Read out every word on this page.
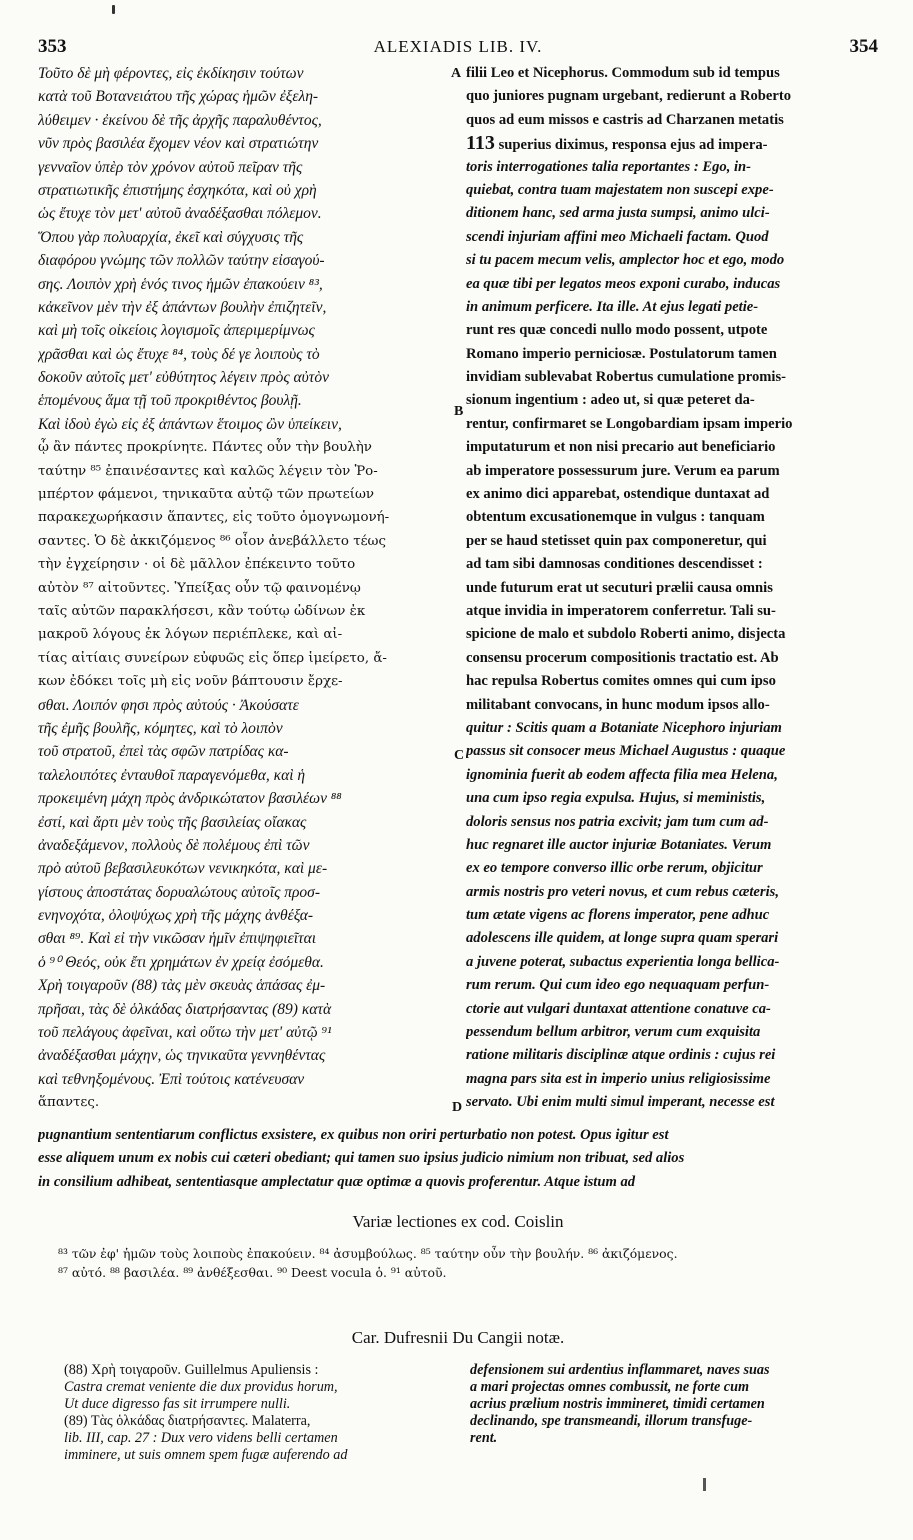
353	ALEXIADIS LIB. IV.	354
Τοῦτο δὲ μὴ φέροντες, εἰς ἐκδίκησιν τούτων
κατὰ τοῦ Βοτανειάτου τῆς χώρας ἡμῶν ἐξελη-
λύθειμεν · ἐκείνου δὲ τῆς ἀρχῆς παραλυθέντος,
νῦν πρὸς βασιλέα ἔχομεν νέον καὶ στρατιώτην
γενναῖον ὑπὲρ τὸν χρόνον αὐτοῦ πεῖραν τῆς
στρατιωτικῆς ἐπιστήμης ἐσχηκότα, καὶ οὐ χρὴ
ὡς ἔτυχε τὸν μετ' αὐτοῦ ἀναδέξασθαι πόλεμον.
Ὅπου γὰρ πολυαρχία, ἐκεῖ καὶ σύγχυσις τῆς
διαφόρου γνώμης τῶν πολλῶν ταύτην εἰσαγού-
σης. Λοιπὸν χρὴ ἑνός τινος ἡμῶν ἐπακούειν ⁸³,
κἀκεῖνον μὲν τὴν ἐξ ἁπάντων βουλὴν ἐπιζητεῖν,
καὶ μὴ τοῖς οἰκείοις λογισμοῖς ἀπεριμερίμνως
χρᾶσθαι καὶ ὡς ἔτυχε ⁸⁴, τοὺς δέ γε λοιποὺς τὸ
δοκοῦν αὐτοῖς μετ' εὐθύτητος λέγειν πρὸς αὐτὸν
ἑπομένους ἅμα τῇ τοῦ προκριθέντος βουλῇ.
Καὶ ἰδοὺ ἐγὼ εἰς ἐξ ἁπάντων ἕτοιμος ὢν ὑπείκειν,
ᾧ ἂν πάντες προκρίνητε. Πάντες οὖν τὴν βουλὴν
ταύτην ⁸⁵ ἐπαινέσαντες καὶ καλῶς λέγειν τὸν Ῥο-
μπέρτον φάμενοι, τηνικαῦτα αὐτῷ τῶν πρωτείων
παρακεχωρήκασιν ἅπαντες, εἰς τοῦτο ὁμογνωμονή-
σαντες. Ὁ δὲ ἀκκιζόμενος ⁸⁶ οἷον ἀνεβάλλετο τέως
τὴν ἐγχείρησιν · οἱ δὲ μᾶλλον ἐπέκειντο τοῦτο
αὐτὸν ⁸⁷ αἰτοῦντες. Ὑπείξας οὖν τῷ φαινομένῳ
ταῖς αὐτῶν παρακλήσεσι, κἂν τούτῳ ὠδίνων ἐκ
μακροῦ λόγους ἐκ λόγων περιέπλεκε, καὶ αἰ-
τίας αἰτίαις συνείρων εὐφυῶς εἰς ὅπερ ἱμείρετο, ἄ-
κων ἐδόκει τοῖς μὴ εἰς νοῦν βάπτουσιν ἔρχε-
σθαι. Λοιπόν φησι πρὸς αὐτούς · Ἀκούσατε
τῆς ἐμῆς βουλῆς, κόμητες, καὶ τὸ λοιπὸν
τοῦ στρατοῦ, ἐπεὶ τὰς σφῶν πατρίδας κα-
ταλελοιπότες ἐνταυθοῖ παραγενόμεθα, καὶ ἡ
προκειμένη μάχη πρὸς ἀνδρικώτατον βασιλέων ⁸⁸
ἐστί, καὶ ἄρτι μὲν τοὺς τῆς βασιλείας οἴακας
ἀναδεξάμενον, πολλοὺς δὲ πολέμους ἐπὶ τῶν
πρὸ αὐτοῦ βεβασιλευκότων νενικηκότα, καὶ με-
γίστους ἀποστάτας δορυαλώτους αὐτοῖς προσ-
ενηνοχότα, ὁλοψύχως χρὴ τῆς μάχης ἀνθέξα-
σθαι ⁸⁹. Καὶ εἰ τὴν νικῶσαν ἡμῖν ἐπιψηφιεῖται
ὁ ⁹⁰ Θεός, οὐκ ἔτι χρημάτων ἐν χρείᾳ ἐσόμεθα.
Χρὴ τοιγαροῦν (88) τὰς μὲν σκευὰς ἁπάσας ἐμ-
πρῆσαι, τὰς δὲ ὁλκάδας διατρήσαντας (89) κατὰ
τοῦ πελάγους ἀφεῖναι, καὶ οὕτω τὴν μετ' αὐτῷ ⁹¹
ἀναδέξασθαι μάχην, ὡς τηνικαῦτα γεννηθέντας
καὶ τεθνηξομένους. Ἐπὶ τούτοις κατένευσαν
ἅπαντες.
filii Leo et Nicephorus. Commodum sub id tempus
quo juniores pugnam urgebant, redierunt a Roberto
quos ad eum missos e castris ad Charzanen metatis
113 superius diximus, responsa ejus ad impera-
toris interrogationes talia reportantes : Ego, in-
quiebat, contra tuam majestatem non suscepi expe-
ditionem hanc, sed arma justa sumpsi, animo ulci-
scendi injuriam affini meo Michaeli factam. Quod
si tu pacem mecum velis, amplector hoc et ego, modo
ea quæ tibi per legatos meos exponi curabo, inducas
in animum perficere. Ita ille. At ejus legati petie-
runt res quæ concedi nullo modo possent, utpote
Romano imperio perniciosæ. Postulatorum tamen
invidiam sublevabat Robertus cumulatione promis-
sionum ingentium : adeo ut, si quæ peteret da-
rentur, confirmaret se Longobardiam ipsam imperio
imputaturum et non nisi precario aut beneficiario
ab imperatore possessurum jure. Verum ea parum
ex animo dici apparebat, ostendique duntaxat ad
obtentum excusationemque in vulgus : tanquam
per se haud stetisset quin pax componeretur, qui
ad tam sibi damnosas conditiones descendisset :
unde futurum erat ut secuturi prælii causa omnis
atque invidia in imperatorem conferretur. Tali su-
spicione de malo et subdolo Roberti animo, disjecta
consensu procerum compositionis tractatio est. Ab
hac repulsa Robertus comites omnes qui cum ipso
militabant convocans, in hunc modum ipsos allo-
quitur : Scitis quam a Botaniate Nicephoro injuriam
passus sit consocer meus Michael Augustus : quaque
ignominia fuerit ab eodem affecta filia mea Helena,
una cum ipso regia expulsa. Hujus, si meministis,
doloris sensus nos patria excivit; jam tum cum ad-
huc regnaret ille auctor injuriæ Botaniates. Verum
ex eo tempore converso illic orbe rerum, objicitur
armis nostris pro veteri novus, et cum rebus cæteris,
tum ætate vigens ac florens imperator, pene adhuc
adolescens ille quidem, at longe supra quam sperari
a juvene poterat, subactus experientia longa bellica-
rum rerum. Qui cum ideo ego nequaquam perfun-
ctorie aut vulgari duntaxat attentione conatuve ca-
pessendum bellum arbitror, verum cum exquisita
ratione militaris disciplinæ atque ordinis : cujus rei
magna pars sita est in imperio unius religiosissime
servato. Ubi enim multi simul imperant, necesse est
A
B
C
D
pugnantium sententiarum conflictus exsistere, ex quibus non oriri perturbatio non potest. Opus igitur est
esse aliquem unum ex nobis cui cæteri obediant; qui tamen suo ipsius judicio nimium non tribuat, sed alios
in consilium adhibeat, sententiasque amplectatur quæ optimæ a quovis proferentur. Atque istum ad
Variæ lectiones ex cod. Coislin
⁸³ τῶν ἐφ' ἡμῶν τοὺς λοιποὺς ἐπακούειν. ⁸⁴ ἀσυμβούλως. ⁸⁵ ταύτην οὖν τὴν βουλήν. ⁸⁶ ἀκιζόμενος.
⁸⁷ αὐτό. ⁸⁸ βασιλέα. ⁸⁹ ἀνθέξεσθαι. ⁹⁰ Deest vocula ὁ. ⁹¹ αὐτοῦ.
Car. Dufresnii Du Cangii notæ.
(88) Χρὴ τοιγαροῦν. Guillelmus Apuliensis :
Castra cremat veniente die dux providus horum,
Ut duce digresso fas sit irrumpere nulli.
(89) Τὰς ὁλκάδας διατρήσαντες. Malaterra,
lib. III, cap. 27 : Dux vero videns belli certamen
imminere, ut suis omnem spem fugæ auferendo ad
defensionem sui ardentius inflammaret, naves suas
a mari projectas omnes combussit, ne forte cum
acrius prælium nostris immineret, timidi certamen
declinando, spe transmeandi, illorum transfuge-
rent.
